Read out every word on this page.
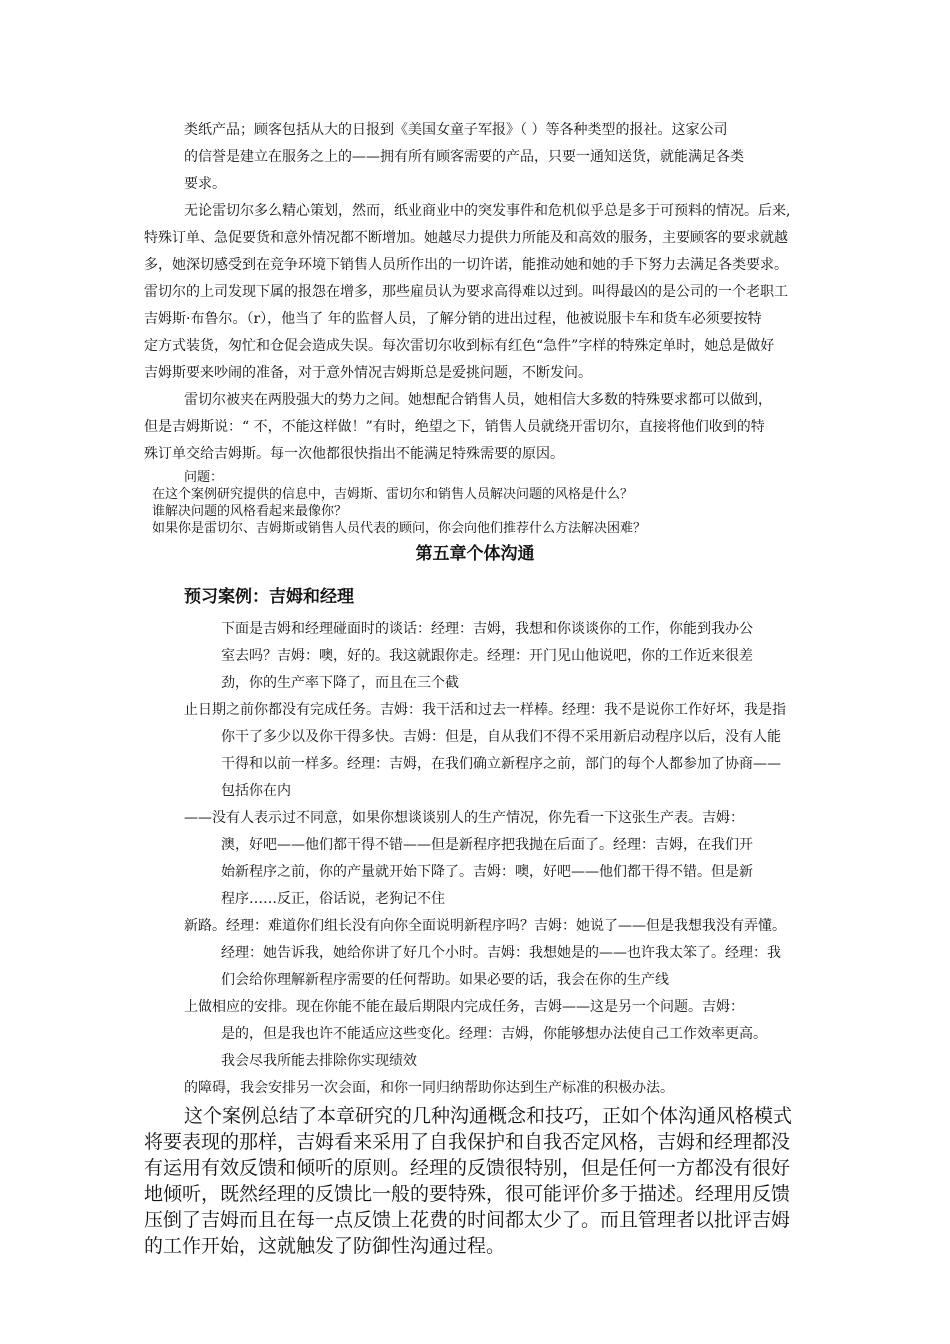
类纸产品；顾客包括从大的日报到《美国女童子军报》（ ）等各种类型的报社。这家公司
的信誉是建立在服务之上的——拥有所有顾客需要的产品，只要一通知送货，就能满足各类
要求。
无论雷切尔多么精心策划，然而，纸业商业中的突发事件和危机似乎总是多于可预料的情况。后来,
特殊订单、急促要货和意外情况都不断增加。她越尽力提供力所能及和高效的服务，主要顾客的要求就越
多，她深切感受到在竞争环境下销售人员所作出的一切许诺，能推动她和她的手下努力去满足各类要求。
雷切尔的上司发现下属的报怨在增多，那些雇员认为要求高得难以过到。叫得最凶的是公司的一个老职工
吉姆斯·布鲁尔。（r），他当了 年的监督人员，了解分销的进出过程，他被说服卡车和货车必须要按特
定方式装货，匆忙和仓促会造成失误。每次雷切尔收到标有红色“急件”字样的特殊定单时，她总是做好
吉姆斯要来吵闹的准备，对于意外情况吉姆斯总是爱挑问题，不断发问。
雷切尔被夹在两股强大的势力之间。她想配合销售人员，她相信大多数的特殊要求都可以做到，
但是吉姆斯说：“ 不，不能这样做！”有时，绝望之下，销售人员就绕开雷切尔，直接将他们收到的特
殊订单交给吉姆斯。每一次他都很快指出不能满足特殊需要的原因。
问题：
在这个案例研究提供的信息中，吉姆斯、雷切尔和销售人员解决问题的风格是什么？
谁解决问题的风格看起来最像你？
如果你是雷切尔、吉姆斯或销售人员代表的顾问，你会向他们推荐什么方法解决困难？
第五章个体沟通
预习案例：吉姆和经理
下面是吉姆和经理碰面时的谈话：经理：吉姆，我想和你谈谈你的工作，你能到我办公
室去吗？吉姆：噢，好的。我这就跟你走。经理：开门见山他说吧，你的工作近来很差
劲，你的生产率下降了，而且在三个截
止日期之前你都没有完成任务。吉姆：我干活和过去一样棒。经理：我不是说你工作好坏，我是指
你干了多少以及你干得多快。吉姆：但是，自从我们不得不采用新启动程序以后，没有人能
干得和以前一样多。经理：吉姆，在我们确立新程序之前，部门的每个人都参加了协商——
包括你在内
——没有人表示过不同意，如果你想谈谈别人的生产情况，你先看一下这张生产表。吉姆：
澳，好吧——他们都干得不错——但是新程序把我抛在后面了。经理：吉姆，在我们开
始新程序之前，你的产量就开始下降了。吉姆：噢，好吧——他们都干得不错。但是新
程序……反正，俗话说，老狗记不住
新路。经理：难道你们组长没有向你全面说明新程序吗？吉姆：她说了——但是我想我没有弄懂。
经理：她告诉我，她给你讲了好几个小时。吉姆：我想她是的——也许我太笨了。经理：我
们会给你理解新程序需要的任何帮助。如果必要的话，我会在你的生产线
上做相应的安排。现在你能不能在最后期限内完成任务，吉姆——这是另一个问题。吉姆：
是的，但是我也许不能适应这些变化。经理：吉姆，你能够想办法使自己工作效率更高。
我会尽我所能去排除你实现绩效
的障碍，我会安排另一次会面，和你一同归纳帮助你达到生产标准的积极办法。
这个案例总结了本章研究的几种沟通概念和技巧，正如个体沟通风格模式
将要表现的那样，吉姆看来采用了自我保护和自我否定风格，吉姆和经理都没
有运用有效反馈和倾听的原则。经理的反馈很特别，但是任何一方都没有很好
地倾听，既然经理的反馈比一般的要特殊，很可能评价多于描述。经理用反馈
压倒了吉姆而且在每一点反馈上花费的时间都太少了。而且管理者以批评吉姆
的工作开始，这就触发了防御性沟通过程。
